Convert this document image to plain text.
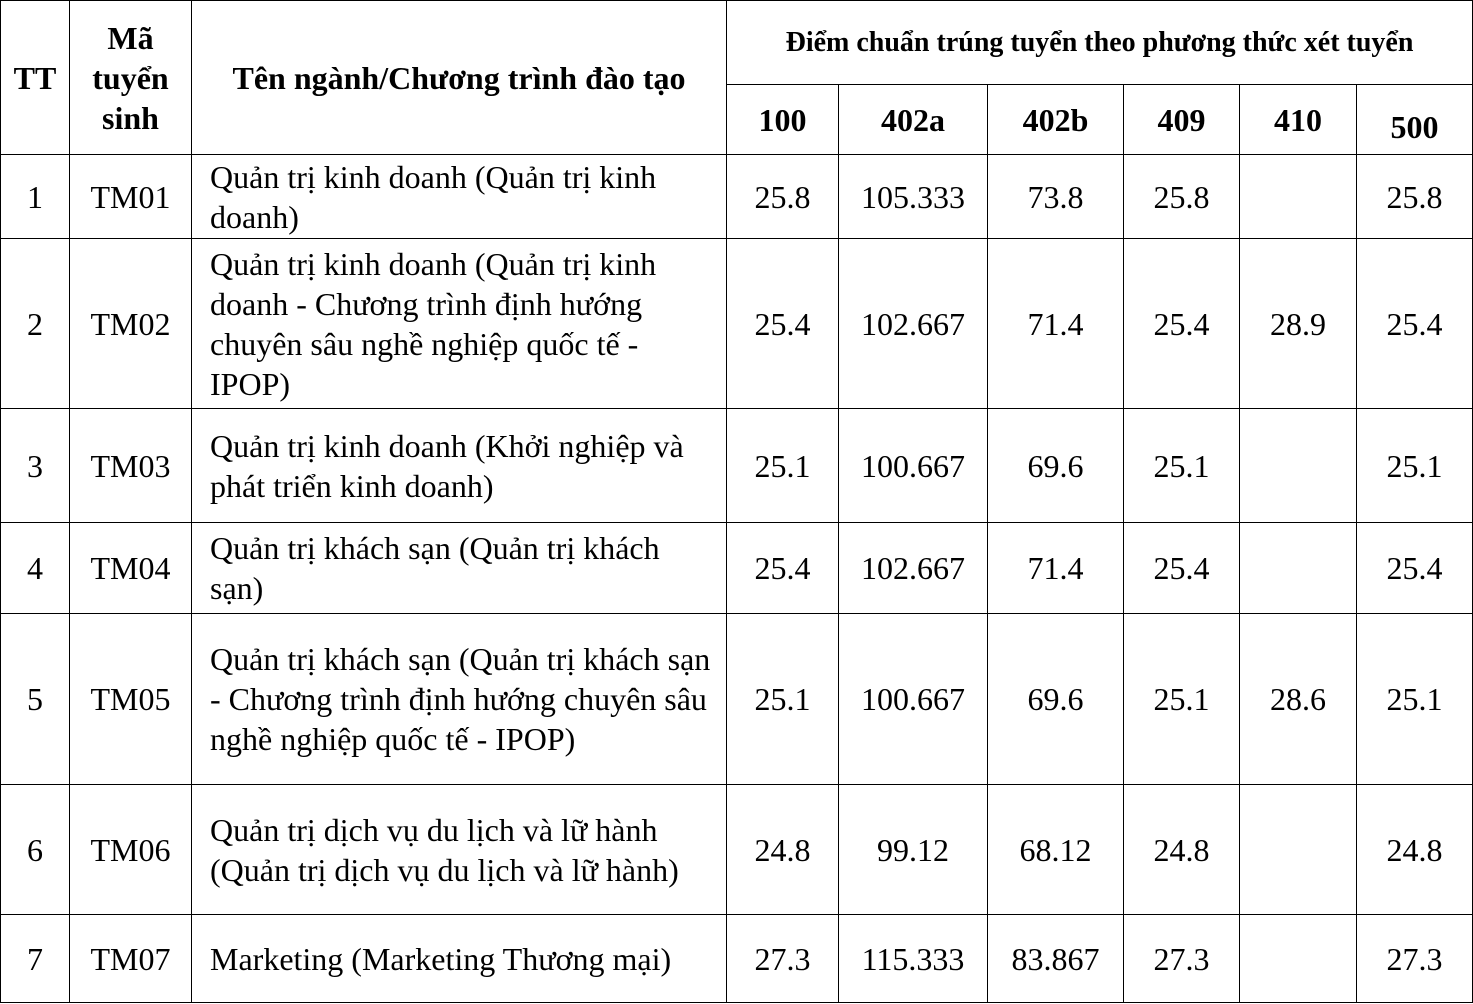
TT	Mã
tuyển
sinh	Tên ngành/Chương trình đào tạo	Điểm chuẩn trúng tuyển theo phương thức xét tuyển					
			100	402a	402b	409	410	500
1	TM01	Quản trị kinh doanh (Quản trị kinh doanh)	25.8	105.333	73.8	25.8		25.8
2	TM02	Quản trị kinh doanh (Quản trị kinh doanh - Chương trình định hướng chuyên sâu nghề nghiệp quốc tế - IPOP)	25.4	102.667	71.4	25.4	28.9	25.4
3	TM03	Quản trị kinh doanh (Khởi nghiệp và phát triển kinh doanh)	25.1	100.667	69.6	25.1		25.1
4	TM04	Quản trị khách sạn (Quản trị khách sạn)	25.4	102.667	71.4	25.4		25.4
5	TM05	Quản trị khách sạn (Quản trị khách sạn - Chương trình định hướng chuyên sâu nghề nghiệp quốc tế - IPOP)	25.1	100.667	69.6	25.1	28.6	25.1
6	TM06	Quản trị dịch vụ du lịch và lữ hành (Quản trị dịch vụ du lịch và lữ hành)	24.8	99.12	68.12	24.8		24.8
7	TM07	Marketing (Marketing Thương mại)	27.3	115.333	83.867	27.3		27.3
